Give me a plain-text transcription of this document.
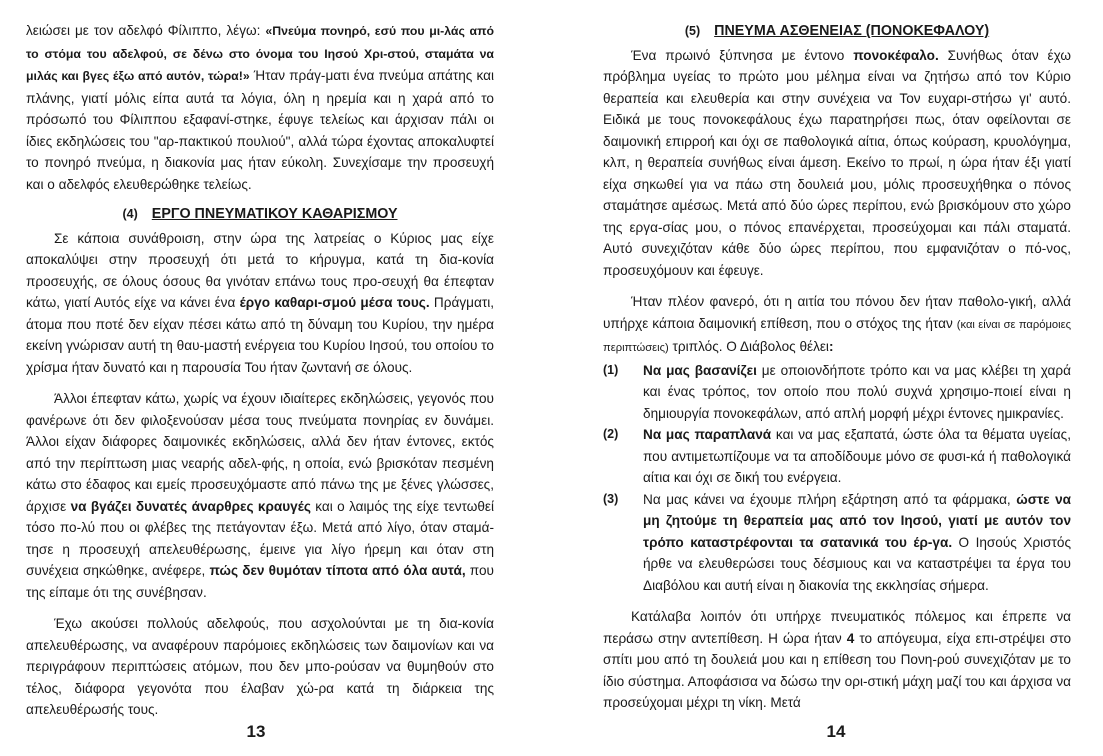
λειώσει με τον αδελφό Φίλιππο, λέγω: «Πνεύμα πονηρό, εσύ που μι-λάς από το στόμα του αδελφού, σε δένω στο όνομα του Ιησού Χρι-στού, σταμάτα να μιλάς και βγες έξω από αυτόν, τώρα!» Ήταν πράγ-ματι ένα πνεύμα απάτης και πλάνης, γιατί μόλις είπα αυτά τα λόγια, όλη η ηρεμία και η χαρά από το πρόσωπό του Φίλιππου εξαφανί-στηκε, έφυγε τελείως και άρχισαν πάλι οι ίδιες εκδηλώσεις του "αρ-πακτικού πουλιού", αλλά τώρα έχοντας αποκαλυφτεί το πονηρό πνεύμα, η διακονία μας ήταν εύκολη. Συνεχίσαμε την προσευχή και ο αδελφός ελευθερώθηκε τελείως.

(4) ΕΡΓΟ ΠΝΕΥΜΑΤΙΚΟΥ ΚΑΘΑΡΙΣΜΟΥ

Σε κάποια συνάθροιση, στην ώρα της λατρείας ο Κύριος μας είχε αποκαλύψει στην προσευχή ότι μετά το κήρυγμα, κατά τη δια-κονία προσευχής, σε όλους όσους θα γινόταν επάνω τους προ-σευχή θα έπεφταν κάτω, γιατί Αυτός είχε να κάνει ένα έργο καθαρι-σμού μέσα τους. Πράγματι, άτομα που ποτέ δεν είχαν πέσει κάτω από τη δύναμη του Κυρίου, την ημέρα εκείνη γνώρισαν αυτή τη θαυ-μαστή ενέργεια του Κυρίου Ιησού, του οποίου το χρίσμα ήταν δυνατό και η παρουσία Του ήταν ζωντανή σε όλους.

Άλλοι έπεφταν κάτω, χωρίς να έχουν ιδιαίτερες εκδηλώσεις, γεγονός που φανέρωνε ότι δεν φιλοξενούσαν μέσα τους πνεύματα πονηρίας εν δυνάμει. Άλλοι είχαν διάφορες δαιμονικές εκδηλώσεις, αλλά δεν ήταν έντονες, εκτός από την περίπτωση μιας νεαρής αδελ-φής, η οποία, ενώ βρισκόταν πεσμένη κάτω στο έδαφος και εμείς προσευχόμαστε από πάνω της με ξένες γλώσσες, άρχισε να βγάζει δυνατές άναρθρες κραυγές και ο λαιμός της είχε τεντωθεί τόσο πο-λύ που οι φλέβες της πετάγονταν έξω. Μετά από λίγο, όταν σταμά-τησε η προσευχή απελευθέρωσης, έμεινε για λίγο ήρεμη και όταν στη συνέχεια σηκώθηκε, ανέφερε, πώς δεν θυμόταν τίποτα από όλα αυτά, που της είπαμε ότι της συνέβησαν.

Έχω ακούσει πολλούς αδελφούς, που ασχολούνται με τη δια-κονία απελευθέρωσης, να αναφέρουν παρόμοιες εκδηλώσεις των δαιμονίων και να περιγράφουν περιπτώσεις ατόμων, που δεν μπο-ρούσαν να θυμηθούν στο τέλος, διάφορα γεγονότα που έλαβαν χώ-ρα κατά τη διάρκεια της απελευθέρωσής τους.

13
(5) ΠΝΕΥΜΑ ΑΣΘΕΝΕΙΑΣ (ΠΟΝΟΚΕΦΑΛΟΥ)

Ένα πρωινό ξύπνησα με έντονο πονοκέφαλο. Συνήθως όταν έχω πρόβλημα υγείας το πρώτο μου μέλημα είναι να ζητήσω από τον Κύριο θεραπεία και ελευθερία και στην συνέχεια να Τον ευχαρι-στήσω γι' αυτό. Ειδικά με τους πονοκεφάλους έχω παρατηρήσει πως, όταν οφείλονται σε δαιμονική επιρροή και όχι σε παθολογικά αίτια, όπως κούραση, κρυολόγημα, κλπ, η θεραπεία συνήθως είναι άμεση. Εκείνο το πρωί, η ώρα ήταν έξι γιατί είχα σηκωθεί για να πάω στη δουλειά μου, μόλις προσευχήθηκα ο πόνος σταμάτησε αμέσως. Μετά από δύο ώρες περίπου, ενώ βρισκόμουν στο χώρο της εργα-σίας μου, ο πόνος επανέρχεται, προσεύχομαι και πάλι σταματά. Αυτό συνεχιζόταν κάθε δύο ώρες περίπου, που εμφανιζόταν ο πό-νος, προσευχόμουν και έφευγε.

Ήταν πλέον φανερό, ότι η αιτία του πόνου δεν ήταν παθολο-γική, αλλά υπήρχε κάποια δαιμονική επίθεση, που ο στόχος της ήταν (και είναι σε παρόμοιες περιπτώσεις) τριπλός. Ο Διάβολος θέλει:

(1)	Να μας βασανίζει με οποιονδήποτε τρόπο και να μας κλέβει τη χαρά και ένας τρόπος, τον οποίο που πολύ συχνά χρησιμο-ποιεί είναι η δημιουργία πονοκεφάλων, από απλή μορφή μέχρι έντονες ημικρανίες.
(2)	Να μας παραπλανά και να μας εξαπατά, ώστε όλα τα θέματα υγείας, που αντιμετωπίζουμε να τα αποδίδουμε μόνο σε φυσι-κά ή παθολογικά αίτια και όχι σε δική του ενέργεια.
(3)	Να μας κάνει να έχουμε πλήρη εξάρτηση από τα φάρμακα, ώστε να μη ζητούμε τη θεραπεία μας από τον Ιησού, γιατί με αυτόν τον τρόπο καταστρέφονται τα σατανικά του έρ-γα. Ο Ιησούς Χριστός ήρθε να ελευθερώσει τους δέσμιους και να καταστρέψει τα έργα του Διαβόλου και αυτή είναι η διακονία της εκκλησίας σήμερα.

Κατάλαβα λοιπόν ότι υπήρχε πνευματικός πόλεμος και έπρεπε να περάσω στην αντεπίθεση. Η ώρα ήταν 4 το απόγευμα, είχα επι-στρέψει στο σπίτι μου από τη δουλειά μου και η επίθεση του Πονη-ρού συνεχιζόταν με το ίδιο σύστημα. Αποφάσισα να δώσω την ορι-στική μάχη μαζί του και άρχισα να προσεύχομαι μέχρι τη νίκη. Μετά

14
